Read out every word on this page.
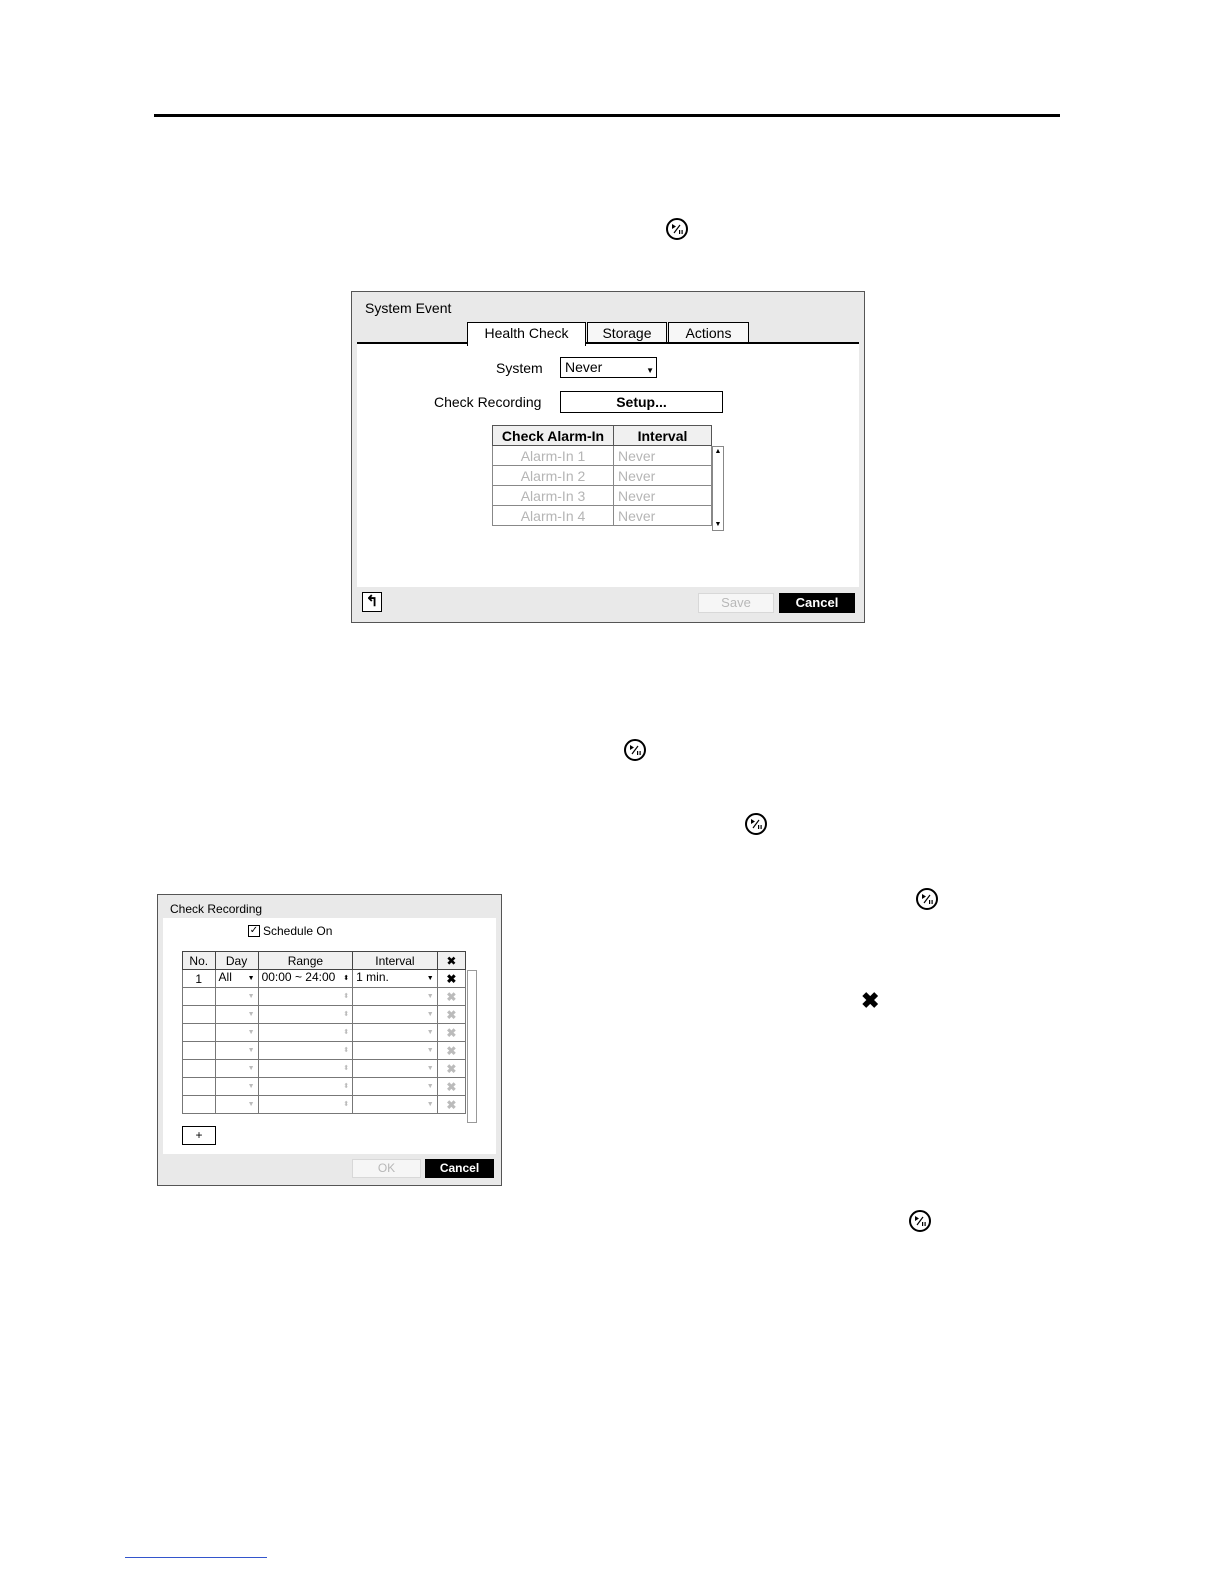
System Event
Health Check	Storage	Actions
System	Never	▼
Check Recording	Setup...
Check Alarm-In	Interval
Alarm-In 1	Never
Alarm-In 2	Never
Alarm-In 3	Never
Alarm-In 4	Never
▲
▼
↰	Save	Cancel
✖
Check Recording
✓ Schedule On
No.	Day	Range	Interval	✖
1	All ▼	00:00 ~ 24:00 ⬍	1 min. ▼	✖

	▼	⬍	▼	✖

	▼	⬍	▼	✖

	▼	⬍	▼	✖

	▼	⬍	▼	✖

	▼	⬍	▼	✖

	▼	⬍	▼	✖

	▼	⬍	▼	✖
+
OK	Cancel
